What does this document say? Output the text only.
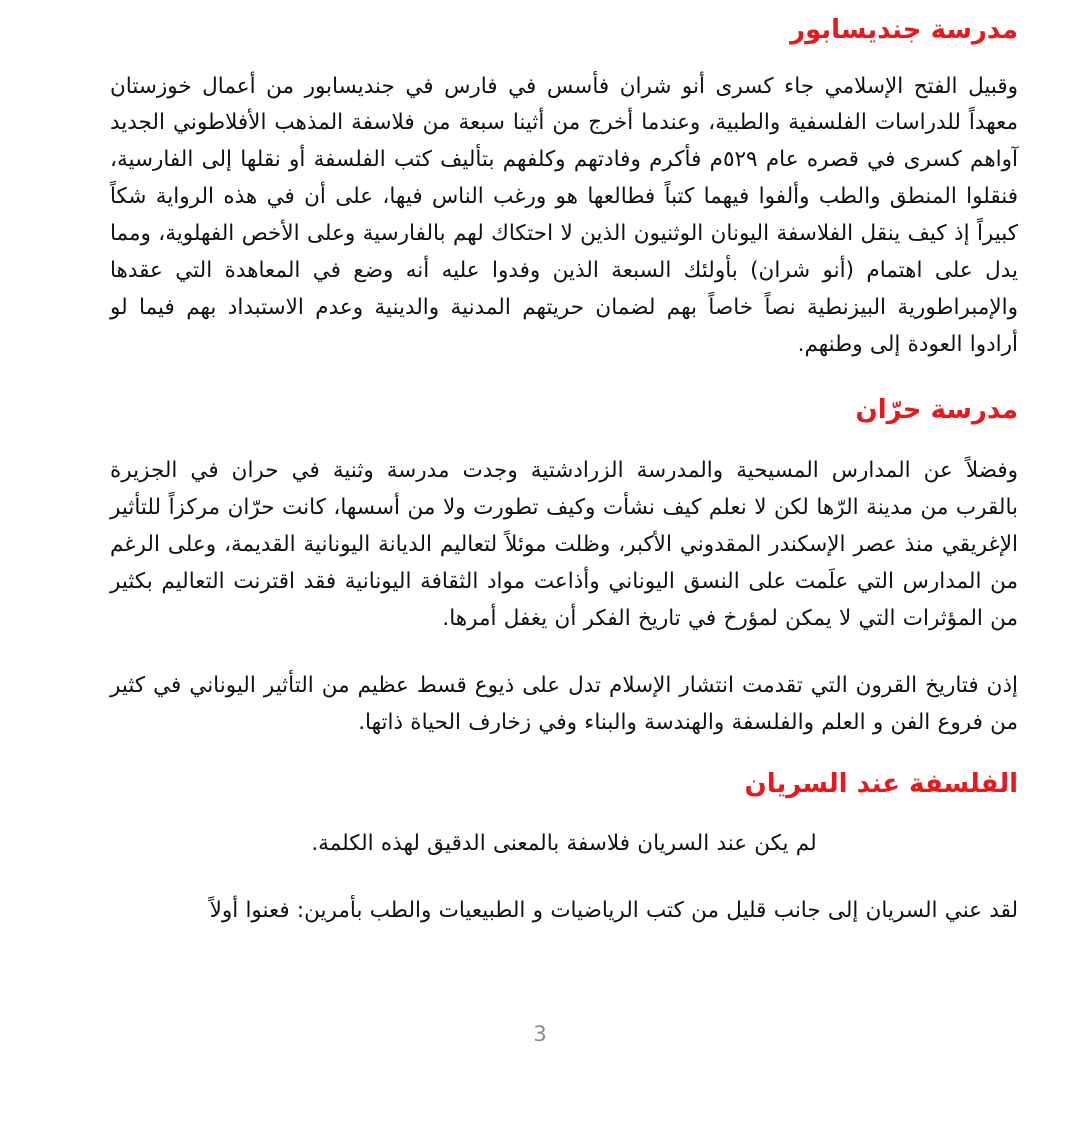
مدرسة جنديسابور

وقبيل الفتح الإسلامي جاء كسرى أنو شران فأسس في فارس في جنديسابور من أعمال خوزستان معهداً للدراسات الفلسفية والطبية، وعندما أخرج من أثينا سبعة من فلاسفة المذهب الأفلاطوني الجديد آواهم كسرى في قصره عام ٥٢٩م فأكرم وفادتهم وكلفهم بتأليف كتب الفلسفة أو نقلها إلى الفارسية، فنقلوا المنطق والطب وألفوا فيهما كتباً فطالعها هو ورغب الناس فيها، على أن في هذه الرواية شكاً كبيراً إذ كيف ينقل الفلاسفة اليونان الوثنيون الذين لا احتكاك لهم بالفارسية وعلى الأخص الفهلوية، ومما يدل على اهتمام (أنو شران) بأولئك السبعة الذين وفدوا عليه أنه وضع في المعاهدة التي عقدها والإمبراطورية البيزنطية نصاً خاصاً بهم لضمان حريتهم المدنية والدينية وعدم الاستبداد بهم فيما لو أرادوا العودة إلى وطنهم.

مدرسة حرّان

وفضلاً عن المدارس المسيحية والمدرسة الزرادشتية وجدت مدرسة وثنية في حران في الجزيرة بالقرب من مدينة الرّها لكن لا نعلم كيف نشأت وكيف تطورت ولا من أسسها، كانت حرّان مركزاً للتأثير الإغريقي منذ عصر الإسكندر المقدوني الأكبر، وظلت موئلاً لتعاليم الديانة اليونانية القديمة، وعلى الرغم من المدارس التي علَمت على النسق اليوناني وأذاعت مواد الثقافة اليونانية فقد اقترنت التعاليم بكثير من المؤثرات التي لا يمكن لمؤرخ في تاريخ الفكر أن يغفل أمرها.

إذن فتاريخ القرون التي تقدمت انتشار الإسلام تدل على ذيوع قسط عظيم من التأثير اليوناني في كثير من فروع الفن و العلم والفلسفة والهندسة والبناء وفي زخارف الحياة ذاتها.

الفلسفة عند السريان

لم يكن عند السريان فلاسفة بالمعنى الدقيق لهذه الكلمة.

لقد عني السريان إلى جانب قليل من كتب الرياضيات و الطبيعيات والطب بأمرين: فعنوا أولاً

3
